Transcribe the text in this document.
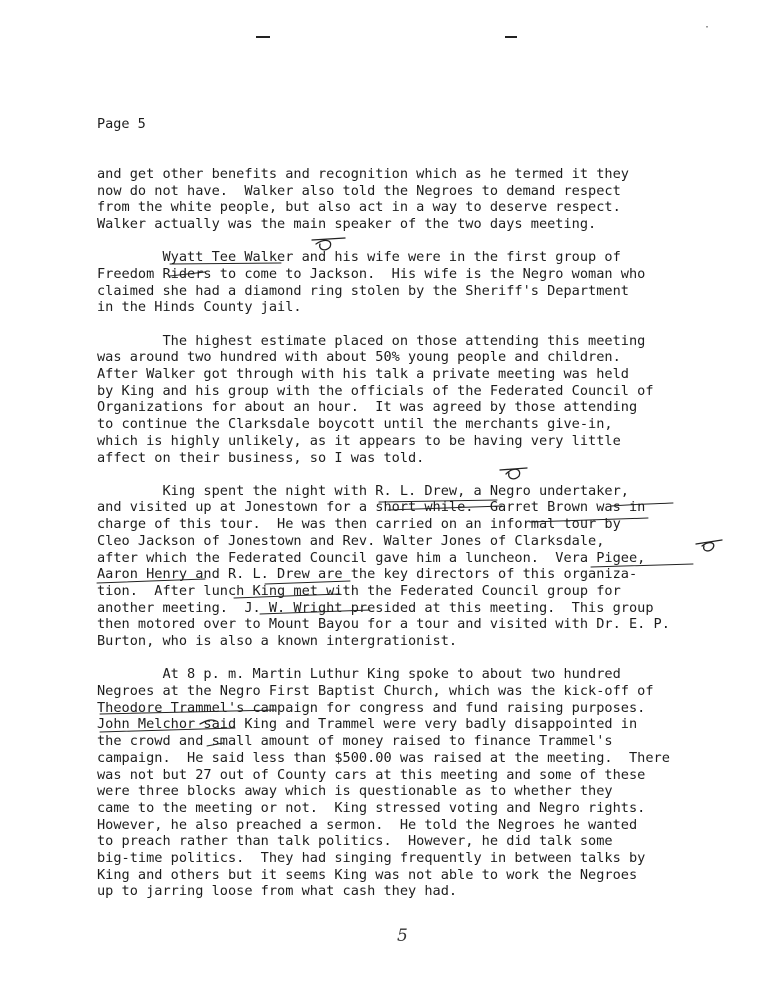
·
Page 5
and get other benefits and recognition which as he termed it they
now do not have.  Walker also told the Negroes to demand respect
from the white people, but also act in a way to deserve respect.
Walker actually was the main speaker of the two days meeting.
Wyatt Tee Walker and his wife were in the first group of
Freedom Riders to come to Jackson.  His wife is the Negro woman who
claimed she had a diamond ring stolen by the Sheriff's Department
in the Hinds County jail.
The highest estimate placed on those attending this meeting
was around two hundred with about 50% young people and children.
After Walker got through with his talk a private meeting was held
by King and his group with the officials of the Federated Council of
Organizations for about an hour.  It was agreed by those attending
to continue the Clarksdale boycott until the merchants give-in,
which is highly unlikely, as it appears to be having very little
affect on their business, so I was told.
King spent the night with R. L. Drew, a Negro undertaker,
and visited up at Jonestown for a short while.  Garret Brown was in
charge of this tour.  He was then carried on an informal tour by
Cleo Jackson of Jonestown and Rev. Walter Jones of Clarksdale,
after which the Federated Council gave him a luncheon.  Vera Pigee,
Aaron Henry and R. L. Drew are the key directors of this organiza-
tion.  After lunch King met with the Federated Council group for
another meeting.  J. W. Wright presided at this meeting.  This group
then motored over to Mount Bayou for a tour and visited with Dr. E. P.
Burton, who is also a known intergrationist.
At 8 p. m. Martin Luthur King spoke to about two hundred
Negroes at the Negro First Baptist Church, which was the kick-off of
Theodore Trammel's campaign for congress and fund raising purposes.
John Melchor said King and Trammel were very badly disappointed in
the crowd and small amount of money raised to finance Trammel's
campaign.  He said less than $500.00 was raised at the meeting.  There
was not but 27 out of County cars at this meeting and some of these
were three blocks away which is questionable as to whether they
came to the meeting or not.  King stressed voting and Negro rights.
However, he also preached a sermon.  He told the Negroes he wanted
to preach rather than talk politics.  However, he did talk some
big-time politics.  They had singing frequently in between talks by
King and others but it seems King was not able to work the Negroes
up to jarring loose from what cash they had.
5
